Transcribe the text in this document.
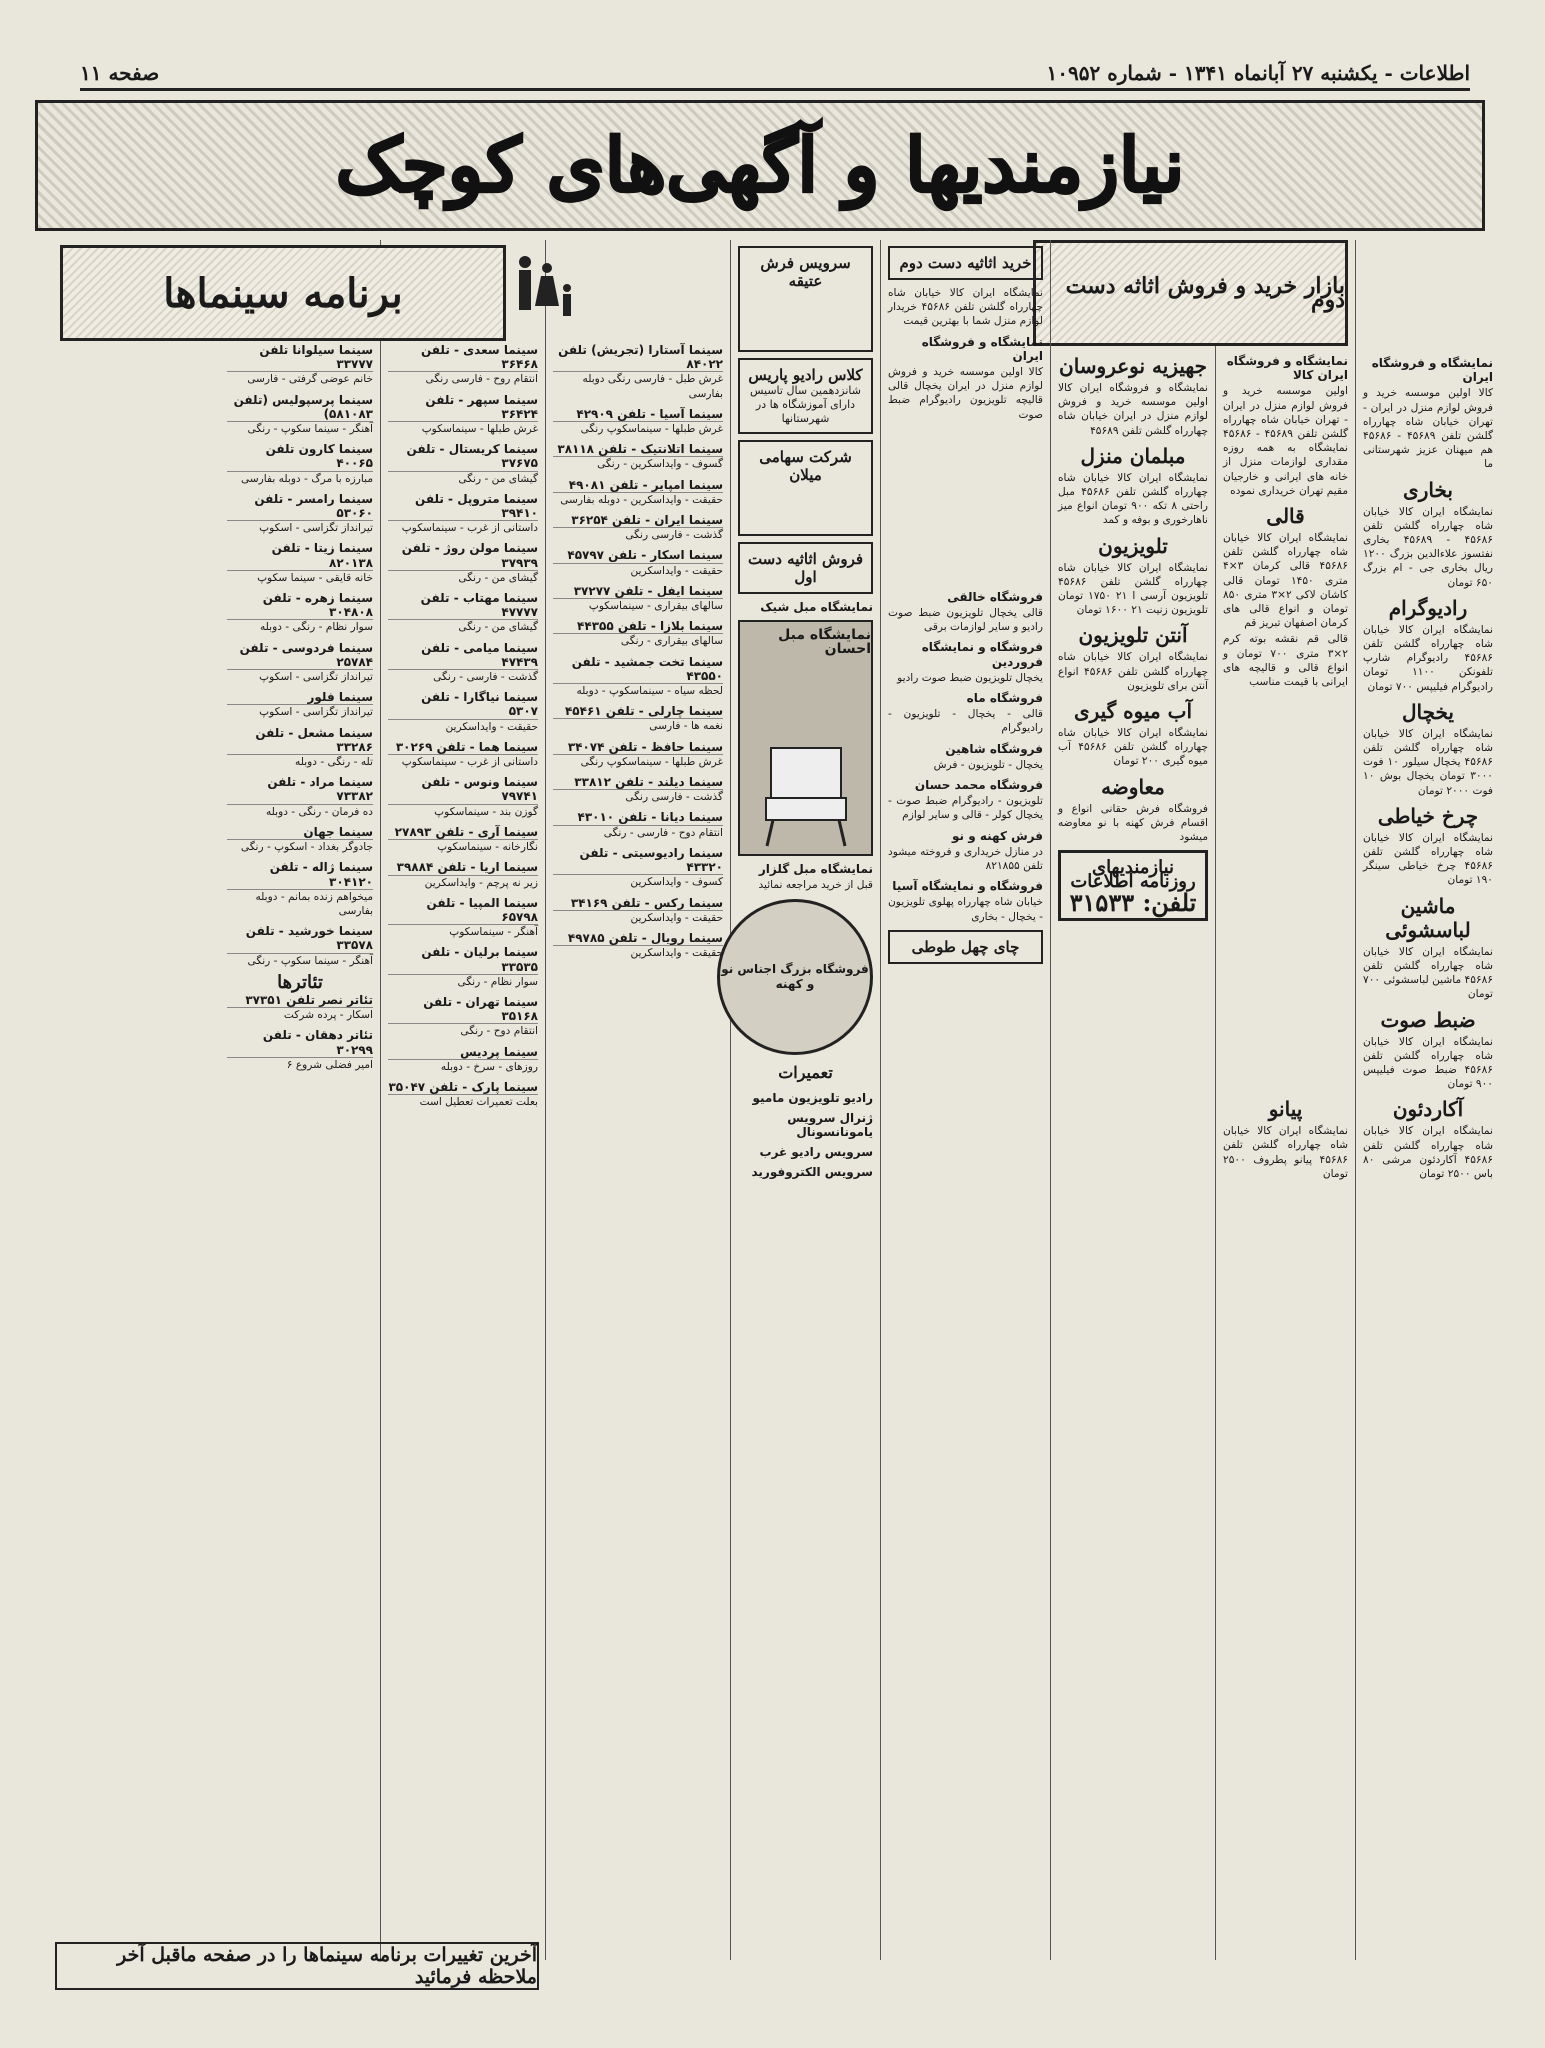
اطلاعات - یکشنبه ۲۷ آبانماه ۱۳۴۱ - شماره ۱۰۹۵۲
صفحه ۱۱
نیازمندیها و آگهی‌های کوچک
نمایشگاه و فروشگاه ایران
کالا اولین موسسه خرید و فروش لوازم منزل در ایران - تهران خیابان شاه چهارراه گلشن تلفن ۴۵۶۸۹ - ۴۵۶۸۶ هم میهنان عزیز شهرستانی ما
بخاری
نمایشگاه ایران کالا خیابان شاه چهارراه گلشن تلفن ۴۵۶۸۶ - ۴۵۶۸۹ بخاری نفتسوز علاءالدین بزرگ ۱۲۰۰ ریال بخاری جی - ام بزرگ ۶۵۰ تومان
رادیوگرام
نمایشگاه ایران کالا خیابان شاه چهارراه گلشن تلفن ۴۵۶۸۶ رادیوگرام شارپ تلفونکن ۱۱۰۰ تومان رادیوگرام فیلیپس ۷۰۰ تومان
یخچال
نمایشگاه ایران کالا خیابان شاه چهارراه گلشن تلفن ۴۵۶۸۶ یخچال سیلور ۱۰ فوت ۳۰۰۰ تومان یخچال بوش ۱۰ فوت ۲۰۰۰ تومان
چرخ خیاطی
نمایشگاه ایران کالا خیابان شاه چهارراه گلشن تلفن ۴۵۶۸۶ چرخ خیاطی سینگر ۱۹۰ تومان
ماشین لباسشوئی
نمایشگاه ایران کالا خیابان شاه چهارراه گلشن تلفن ۴۵۶۸۶ ماشین لباسشوئی ۷۰۰ تومان
ضبط صوت
نمایشگاه ایران کالا خیابان شاه چهارراه گلشن تلفن ۴۵۶۸۶ ضبط صوت فیلیپس ۹۰۰ تومان
آکاردئون
نمایشگاه ایران کالا خیابان شاه چهارراه گلشن تلفن ۴۵۶۸۶ آکاردئون مرشی ۸۰ باس ۲۵۰۰ تومان
بازار خرید و فروش اثاثه دست دوم
نمایشگاه و فروشگاه ایران کالا
اولین موسسه خرید و فروش لوازم منزل در ایران - تهران خیابان شاه چهارراه گلشن تلفن ۴۵۶۸۹ - ۴۵۶۸۶ نمایشگاه به همه روزه مقداری لوازمات منزل از خانه های ایرانی و خارجیان مقیم تهران خریداری نموده
قالی
نمایشگاه ایران کالا خیابان شاه چهارراه گلشن تلفن ۴۵۶۸۶ قالی کرمان ۳×۴ متری ۱۴۵۰ تومان قالی کاشان لاکی ۲×۳ متری ۸۵۰ تومان و انواع قالی های کرمان اصفهان تبریز قم
قالی قم نقشه بوته کرم ۲×۳ متری ۷۰۰ تومان و انواع قالی و قالیچه های ایرانی با قیمت مناسب
پیانو
نمایشگاه ایران کالا خیابان شاه چهارراه گلشن تلفن ۴۵۶۸۶ پیانو پطروف ۲۵۰۰ تومان
جهیزیه نوعروسان
نمایشگاه و فروشگاه ایران کالا اولین موسسه خرید و فروش لوازم منزل در ایران خیابان شاه چهارراه گلشن تلفن ۴۵۶۸۹
مبلمان منزل
نمایشگاه ایران کالا خیابان شاه چهارراه گلشن تلفن ۴۵۶۸۶ مبل راحتی ۸ تکه ۹۰۰ تومان انواع میز ناهارخوری و بوفه و کمد
تلویزیون
نمایشگاه ایران کالا خیابان شاه چهارراه گلشن تلفن ۴۵۶۸۶ تلویزیون آرسی ا ۲۱ ۱۷۵۰ تومان تلویزیون زنیت ۲۱ ۱۶۰۰ تومان
آنتن تلویزیون
نمایشگاه ایران کالا خیابان شاه چهارراه گلشن تلفن ۴۵۶۸۶ انواع آنتن برای تلویزیون
آب میوه گیری
نمایشگاه ایران کالا خیابان شاه چهارراه گلشن تلفن ۴۵۶۸۶ آب میوه گیری ۲۰۰ تومان
معاوضه
فروشگاه فرش حقانی انواع و اقسام فرش کهنه با نو معاوضه میشود
نیازمندیهای روزنامه اطلاعات
تلفن: ۳۱۵۳۳
خرید اثاثیه دست دوم
نمایشگاه ایران کالا خیابان شاه چهارراه گلشن تلفن ۴۵۶۸۶ خریدار لوازم منزل شما با بهترین قیمت
نمایشگاه و فروشگاه ایران
کالا اولین موسسه خرید و فروش لوازم منزل در ایران یخچال قالی قالیچه تلویزیون رادیوگرام ضبط صوت
فروشگاه خالقی
قالی یخچال تلویزیون ضبط صوت رادیو و سایر لوازمات برقی
فروشگاه و نمایشگاه فروردین
یخچال تلویزیون ضبط صوت رادیو
فروشگاه ماه
قالی - یخچال - تلویزیون - رادیوگرام
فروشگاه شاهین
یخچال - تلویزیون - فرش
فروشگاه محمد حسان
تلویزیون - رادیوگرام ضبط صوت - یخچال کولر - قالی و سایر لوازم
فرش کهنه و نو
در منازل خریداری و فروخته میشود تلفن ۸۲۱۸۵۵
فروشگاه و نمایشگاه آسیا
خیابان شاه چهارراه پهلوی تلویزیون - یخچال - بخاری
چای چهل طوطی
سرویس فرش عتیقه
کلاس رادیو پاریس
شانزدهمین سال تاسیس دارای آموزشگاه ها در شهرستانها
شرکت سهامی میلان
فروش اثاثیه دست اول
نمایشگاه مبل شیک
نمایشگاه مبل احسان
نمایشگاه مبل گلزار
قبل از خرید مراجعه نمائید
فروشگاه بزرگ اجناس نو و کهنه
تعمیرات
رادیو تلویزیون مامیو
ژنرال سرویس یامونانسونال
سرویس رادیو غرب
سرویس الکتروفورید
سینما آستارا (تجریش) تلفن ۸۴۰۲۲
غرش طبل - فارسی رنگی دوبله بفارسی
سینما آسیا - تلفن ۴۲۹۰۹
غرش طبلها - سینماسکوپ رنگی
سینما اتلانتیک - تلفن ۳۸۱۱۸
گسوف - وایداسکرین - رنگی
سینما امپایر - تلفن ۴۹۰۸۱
حقیقت - وایداسکرین - دوبله بفارسی
سینما ایران - تلفن ۳۶۲۵۴
گذشت - فارسی رنگی
سینما اسکار - تلفن ۴۵۷۹۷
حقیقت - وایداسکرین
سینما ایفل - تلفن ۳۷۲۷۷
سالهای بیقراری - سینماسکوپ
سینما بلازا - تلفن ۴۴۳۵۵
سالهای بیقراری - رنگی
سینما تخت جمشید - تلفن ۴۳۵۵۰
لحظه سیاه - سینماسکوپ - دوبله
سینما چارلی - تلفن ۴۵۴۶۱
نغمه ها - فارسی
سینما حافظ - تلفن ۳۴۰۷۴
غرش طبلها - سینماسکوپ رنگی
سینما دیلند - تلفن ۳۳۸۱۲
گذشت - فارسی رنگی
سینما دیانا - تلفن ۴۳۰۱۰
انتقام دوح - فارسی - رنگی
سینما رادیوسیتی - تلفن ۴۳۳۲۰
کسوف - وایداسکرین
سینما رکس - تلفن ۳۴۱۶۹
حقیقت - وایداسکرین
سینما رویال - تلفن ۴۹۷۸۵
حقیقت - وایداسکرین
سینما سعدی - تلفن ۳۶۴۶۸
انتقام روح - فارسی رنگی
سینما سپهر - تلفن ۳۶۴۲۴
غرش طبلها - سینماسکوپ
سینما کریستال - تلفن ۳۷۶۷۵
گیشای من - رنگی
سینما متروپل - تلفن ۳۹۴۱۰
داستانی از غرب - سینماسکوپ
سینما مولن روژ - تلفن ۳۷۹۳۹
گیشای من - رنگی
سینما مهتاب - تلفن ۴۷۷۷۷
گیشای من - رنگی
سینما میامی - تلفن ۴۷۴۳۹
گذشت - فارسی - رنگی
سینما نیاگارا - تلفن ۵۳۰۷
حقیقت - وایداسکرین
سینما هما - تلفن ۳۰۲۶۹
داستانی از غرب - سینماسکوپ
سینما ونوس - تلفن ۷۹۷۴۱
گوزن بند - سینماسکوپ
سینما آری - تلفن ۲۷۸۹۳
نگارخانه - سینماسکوپ
سینما اریا - تلفن ۳۹۸۸۴
زیر نه پرچم - وایداسکرین
سینما المپیا - تلفن ۶۵۷۹۸
آهنگر - سینماسکوپ
سینما برلیان - تلفن ۳۳۵۳۵
سوار نظام - رنگی
سینما تهران - تلفن ۳۵۱۶۸
انتقام دوح - رنگی
سینما پردیس
روزهای - سرخ - دوبله
سینما پارک - تلفن ۳۵۰۴۷
بعلت تعمیرات تعطیل است
سینما سیلوانا تلفن ۳۳۷۷۷
خانم عوضی گرفتی - فارسی
سینما پرسپولیس (تلفن ۵۸۱۰۸۳)
آهنگر - سینما سکوپ - رنگی
سینما کارون تلفن ۴۰۰۶۵
مبارزه با مرگ - دوبله بفارسی
سینما رامسر - تلفن ۵۳۰۶۰
تیرانداز تگزاسی - اسکوپ
سینما زیتا - تلفن ۸۲۰۱۳۸
خانه قایقی - سینما سکوپ
سینما زهره - تلفن ۳۰۴۸۰۸
سوار نظام - رنگی - دوبله
سینما فردوسی - تلفن ۲۵۷۸۴
تیرانداز تگزاسی - اسکوپ
سینما فلور
تیرانداز تگزاسی - اسکوپ
سینما مشعل - تلفن ۳۳۲۸۶
تله - رنگی - دوبله
سینما مراد - تلفن ۷۳۳۸۲
ده فرمان - رنگی - دوبله
سینما جهان
جادوگر بغداد - اسکوپ - رنگی
سینما ژاله - تلفن ۳۰۴۱۲۰
میخواهم زنده بمانم - دوبله بفارسی
سینما خورشید - تلفن ۳۳۵۷۸
آهنگر - سینما سکوپ - رنگی
تئاترها
تئاتر نصر تلفن ۳۷۳۵۱
اسکار - پرده شرکت
تئاتر دهقان - تلفن ۳۰۲۹۹
امیر فضلی شروع ۶
برنامه سینماها
آخرین تغییرات برنامه سینماها را در صفحه ماقبل آخر ملاحظه فرمائید
